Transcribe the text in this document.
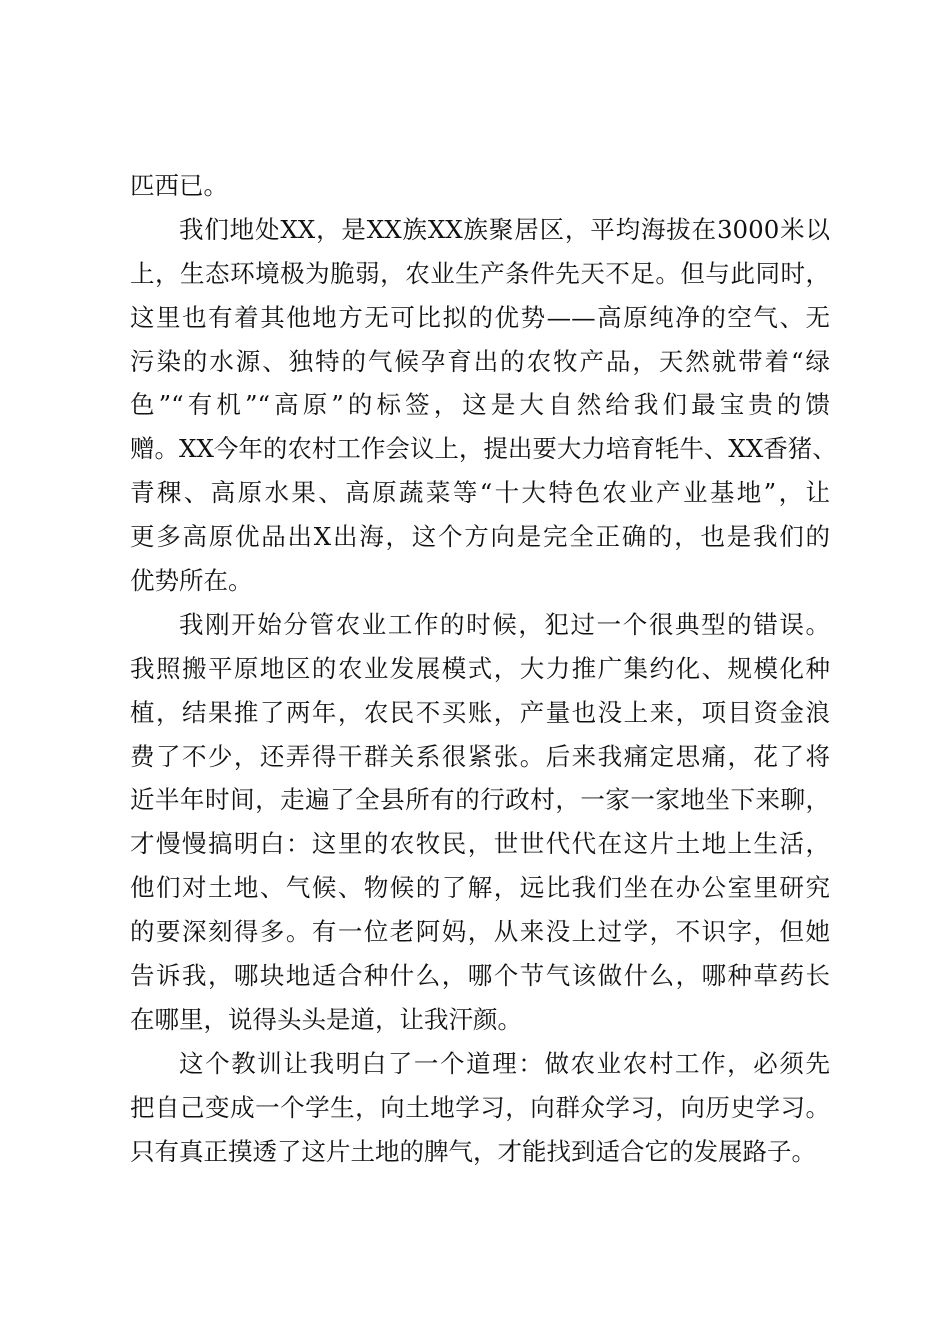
匹西已。
我们地处XX，是XX族XX族聚居区，平均海拔在3000米以
上，生态环境极为脆弱，农业生产条件先天不足。但与此同时，
这里也有着其他地方无可比拟的优势——高原纯净的空气、无
污染的水源、独特的气候孕育出的农牧产品，天然就带着“绿
色”“有机”“高原”的标签，这是大自然给我们最宝贵的馈
赠。XX今年的农村工作会议上，提出要大力培育牦牛、XX香猪、
青稞、高原水果、高原蔬菜等“十大特色农业产业基地”，让
更多高原优品出X出海，这个方向是完全正确的，也是我们的
优势所在。
我刚开始分管农业工作的时候，犯过一个很典型的错误。
我照搬平原地区的农业发展模式，大力推广集约化、规模化种
植，结果推了两年，农民不买账，产量也没上来，项目资金浪
费了不少，还弄得干群关系很紧张。后来我痛定思痛，花了将
近半年时间，走遍了全县所有的行政村，一家一家地坐下来聊，
才慢慢搞明白：这里的农牧民，世世代代在这片土地上生活，
他们对土地、气候、物候的了解，远比我们坐在办公室里研究
的要深刻得多。有一位老阿妈，从来没上过学，不识字，但她
告诉我，哪块地适合种什么，哪个节气该做什么，哪种草药长
在哪里，说得头头是道，让我汗颜。
这个教训让我明白了一个道理：做农业农村工作，必须先
把自己变成一个学生，向土地学习，向群众学习，向历史学习。
只有真正摸透了这片土地的脾气，才能找到适合它的发展路子。
